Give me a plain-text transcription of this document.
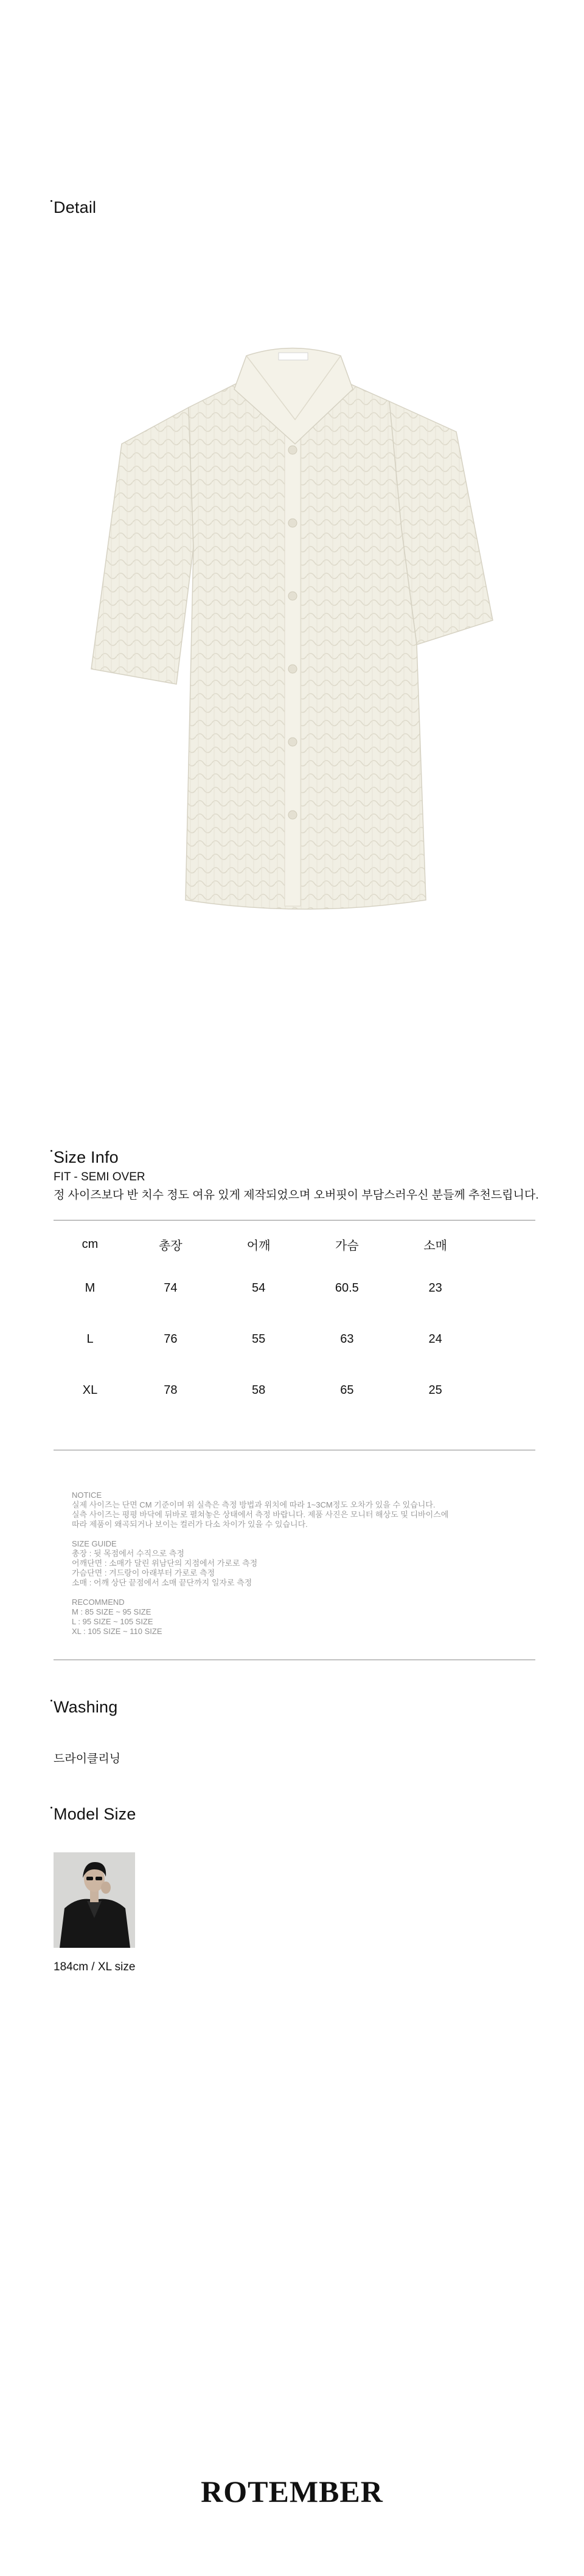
Detail
Size Info
FIT - SEMI OVER
정 사이즈보다 반 치수 정도 여유 있게 제작되었으며 오버핏이 부담스러우신 분들께 추천드립니다.
cm	총장	어깨	가슴	소매
M	74	54	60.5	23
L	76	55	63	24
XL	78	58	65	25
NOTICE
실제 사이즈는 단면 CM 기준이며 위 실측은 측정 방법과 위치에 따라 1~3CM정도 오차가 있을 수 있습니다.
실측 사이즈는 평평 바닥에 뒤바로 펼쳐놓은 상태에서 측정 바랍니다. 제품 사진은 모니터 해상도 및 디바이스에
따라 제품이 왜곡되거나 보이는 컬러가 다소 차이가 있을 수 있습니다.
SIZE GUIDE
총장 : 뒷 목점에서 수직으로 측정
어깨단면 : 소매가 달린 위남단의 지점에서 가로로 측정
가슴단면 : 겨드랑이 아래부터 가로로 측정
소매 : 어깨 상단 끝점에서 소매 끝단까지 일자로 측정
RECOMMEND
M : 85 SIZE ~ 95 SIZE
L : 95 SIZE ~ 105 SIZE
XL : 105 SIZE ~ 110 SIZE
Washing
드라이클리닝
Model Size
184cm / XL size
ROTEMBER
